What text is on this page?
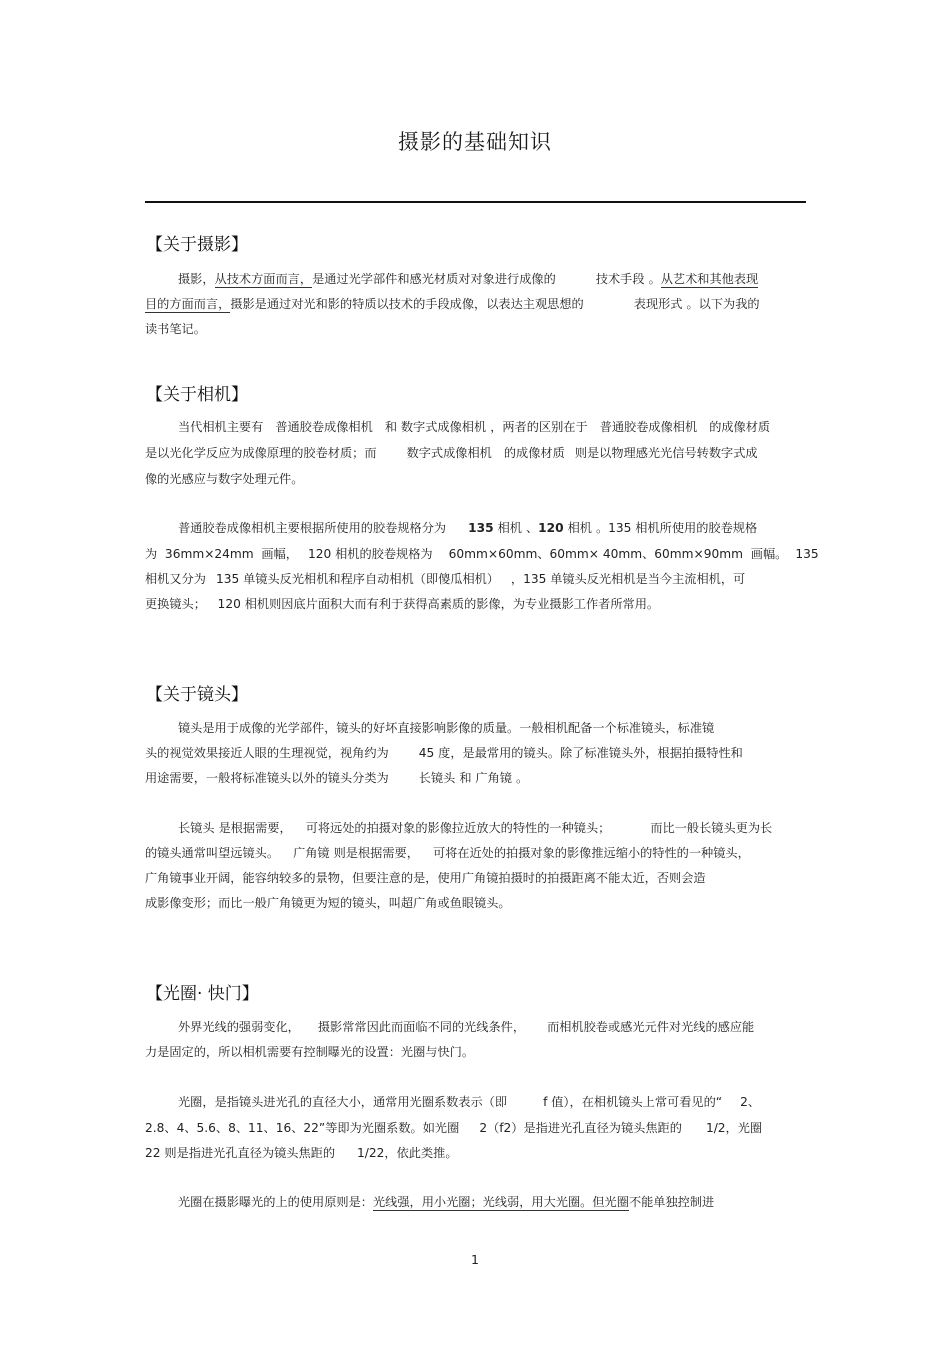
摄影的基础知识
【关于摄影】
摄影，从技术方面而言，是通过光学部件和感光材质对对象进行成像的	技术手段 。从艺术和其他表现
目的方面而言，摄影是通过对光和影的特质以技术的手段成像，以表达主观思想的	表现形式 。以下为我的
读书笔记。
【关于相机】
当代相机主要有 普通胶卷成像相机 和 数字式成像相机 ，两者的区别在于 普通胶卷成像相机 的成像材质
是以光化学反应为成像原理的胶卷材质；而 数字式成像相机 的成像材质 则是以物理感光光信号转数字式成
像的光感应与数字处理元件。
普通胶卷成像相机主要根据所使用的胶卷规格分为 135 相机 、120 相机 。135 相机所使用的胶卷规格
为  36mm×24mm  画幅， 120 相机的胶卷规格为 60mm×60mm、60mm× 40mm、60mm×90mm  画幅。 135
相机又分为 135 单镜头反光相机和程序自动相机（即傻瓜相机） ，135 单镜头反光相机是当今主流相机，可
更换镜头；   120 相机则因底片面积大而有利于获得高素质的影像，为专业摄影工作者所常用。
【关于镜头】
镜头是用于成像的光学部件，镜头的好坏直接影响影像的质量。一般相机配备一个标准镜头，标准镜
头的视觉效果接近人眼的生理视觉，视角约为 45 度，是最常用的镜头。除了标准镜头外，根据拍摄特性和
用途需要，一般将标准镜头以外的镜头分类为 长镜头 和 广角镜 。
长镜头 是根据需要， 可将远处的拍摄对象的影像拉近放大的特性的一种镜头；	而比一般长镜头更为长
的镜头通常叫望远镜头。 广角镜 则是根据需要， 可将在近处的拍摄对象的影像推远缩小的特性的一种镜头，
广角镜事业开阔，能容纳较多的景物，但要注意的是，使用广角镜拍摄时的拍摄距离不能太近，否则会造
成影像变形；而比一般广角镜更为短的镜头，叫超广角或鱼眼镜头。
【光圈· 快门】
外界光线的强弱变化， 摄影常常因此而面临不同的光线条件， 而相机胶卷或感光元件对光线的感应能
力是固定的，所以相机需要有控制曝光的设置：光圈与快门。
光圈，是指镜头进光孔的直径大小，通常用光圈系数表示（即	f 值），在相机镜头上常可看见的“ 2、
2.8、4、5.6、8、11、16、22”等即为光圈系数。如光圈 2（f2）是指进光孔直径为镜头焦距的 1/2，光圈
22 则是指进光孔直径为镜头焦距的 1/22，依此类推。
光圈在摄影曝光的上的使用原则是：光线强，用小光圈；光线弱，用大光圈。但光圈不能单独控制进
1
